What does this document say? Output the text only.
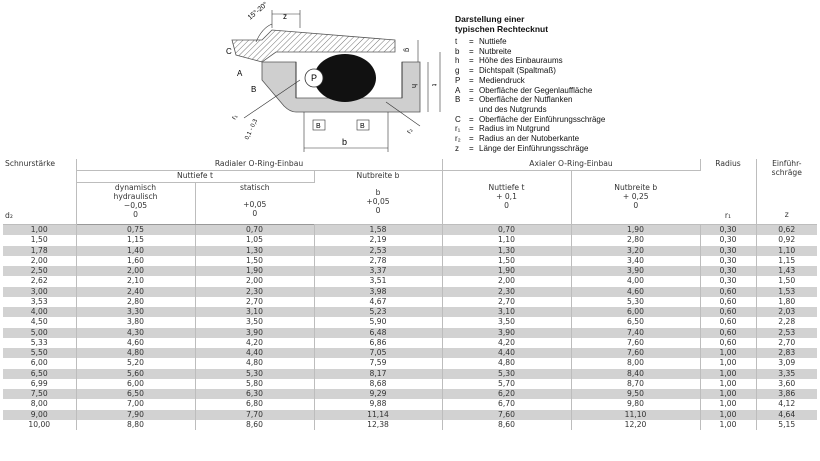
P
z
15°-20°
g
h t
b
C
A
B
r₁
r₂
0,1 - 0,3	B	B
Darstellung einer
typischen Rechtecknut
t	= Nuttiefe
b	= Nutbreite
h	= Höhe des Einbauraums
g	= Dichtspalt (Spaltmaß)
P	= Mediendruck
A	= Oberfläche der Gegenlauffläche
B	= Oberfläche der Nutflanken
und des Nutgrunds
C	= Oberfläche der Einführungsschräge
r₁	= Radius im Nutgrund
r₂	= Radius an der Nutoberkante
z	= Länge der Einführungsschräge
Schnurstärke
d₂	Radialer O-Ring-Einbau			Axialer O-Ring-Einbau		Radius
r₁	Einführ-schräge
z

	Nuttiefe t		Nutbreite b
b
+0,05
0	Nuttiefe t
+ 0,1
0	Nutbreite b
+ 0,25
0		

	dynamisch
hydraulisch
−0,05
0	statisch
+0,05
0					

1,00	0,75	0,70	1,58	0,70	1,90	0,30	0,62
1,50	1,15	1,05	2,19	1,10	2,80	0,30	0,92
1,78	1,40	1,30	2,53	1,30	3,20	0,30	1,10
2,00	1,60	1,50	2,78	1,50	3,40	0,30	1,15
2,50	2,00	1,90	3,37	1,90	3,90	0,30	1,43
2,62	2,10	2,00	3,51	2,00	4,00	0,30	1,50
3,00	2,40	2,30	3,98	2,30	4,60	0,60	1,53
3,53	2,80	2,70	4,67	2,70	5,30	0,60	1,80
4,00	3,30	3,10	5,23	3,10	6,00	0,60	2,03
4,50	3,80	3,50	5,90	3,50	6,50	0,60	2,28
5,00	4,30	3,90	6,48	3,90	7,40	0,60	2,53
5,33	4,60	4,20	6,86	4,20	7,60	0,60	2,70
5,50	4,80	4,40	7,05	4,40	7,60	1,00	2,83
6,00	5,20	4,80	7,59	4,80	8,00	1,00	3,09
6,50	5,60	5,30	8,17	5,30	8,40	1,00	3,35
6,99	6,00	5,80	8,68	5,70	8,70	1,00	3,60
7,50	6,50	6,30	9,29	6,20	9,50	1,00	3,86
8,00	7,00	6,80	9,88	6,70	9,80	1,00	4,12
9,00	7,90	7,70	11,14	7,60	11,10	1,00	4,64
10,00	8,80	8,60	12,38	8,60	12,20	1,00	5,15
